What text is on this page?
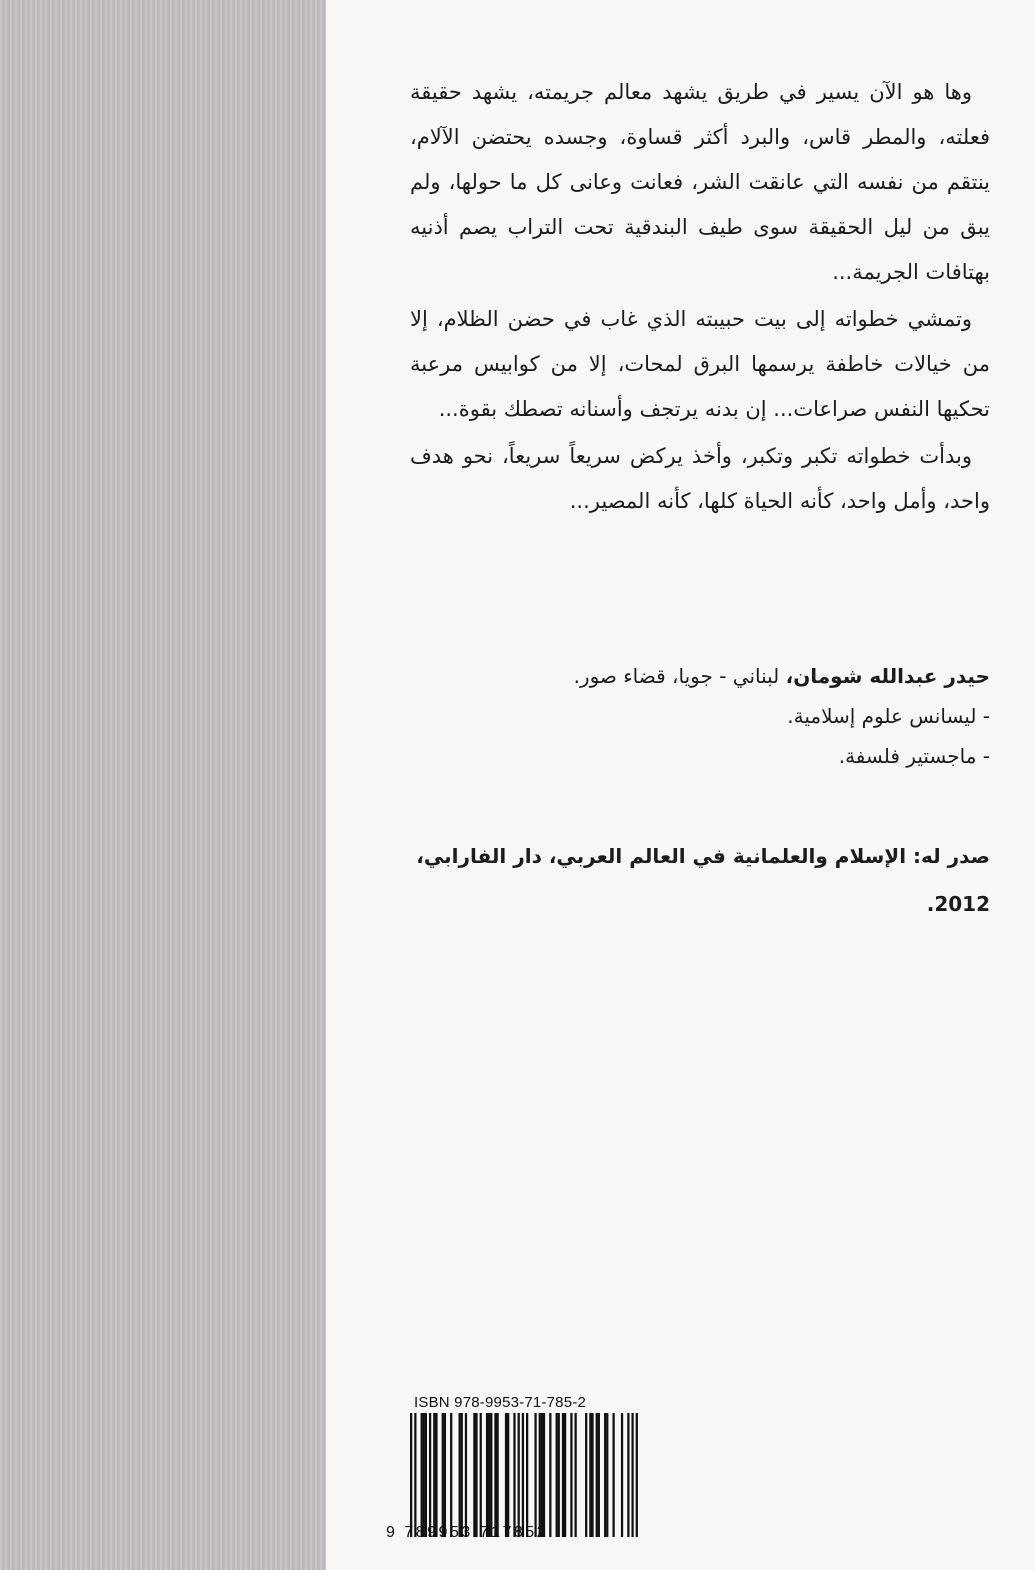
وها هو الآن يسير في طريق يشهد معالم جريمته، يشهد حقيقة فعلته، والمطر قاس، والبرد أكثر قساوة، وجسده يحتضن الآلام، ينتقم من نفسه التي عانقت الشر، فعانت وعانى كل ما حولها، ولم يبق من ليل الحقيقة سوى طيف البندقية تحت التراب يصم أذنيه بهتافات الجريمة...

وتمشي خطواته إلى بيت حبيبته الذي غاب في حضن الظلام، إلا من خيالات خاطفة يرسمها البرق لمحات، إلا من كوابيس مرعبة تحكيها النفس صراعات... إن بدنه يرتجف وأسنانه تصطك بقوة...

وبدأت خطواته تكبر وتكبر، وأخذ يركض سريعاً سريعاً، نحو هدف واحد، وأمل واحد، كأنه الحياة كلها، كأنه المصير...

حيدر عبدالله شومان، لبناني - جويا، قضاء صور.
- ليسانس علوم إسلامية.
- ماجستير فلسفة.
صدر له: الإسلام والعلمانية في العالم العربي، دار الفارابي، 2012.
ISBN 978-9953-71-785-2
9 789953 717852
